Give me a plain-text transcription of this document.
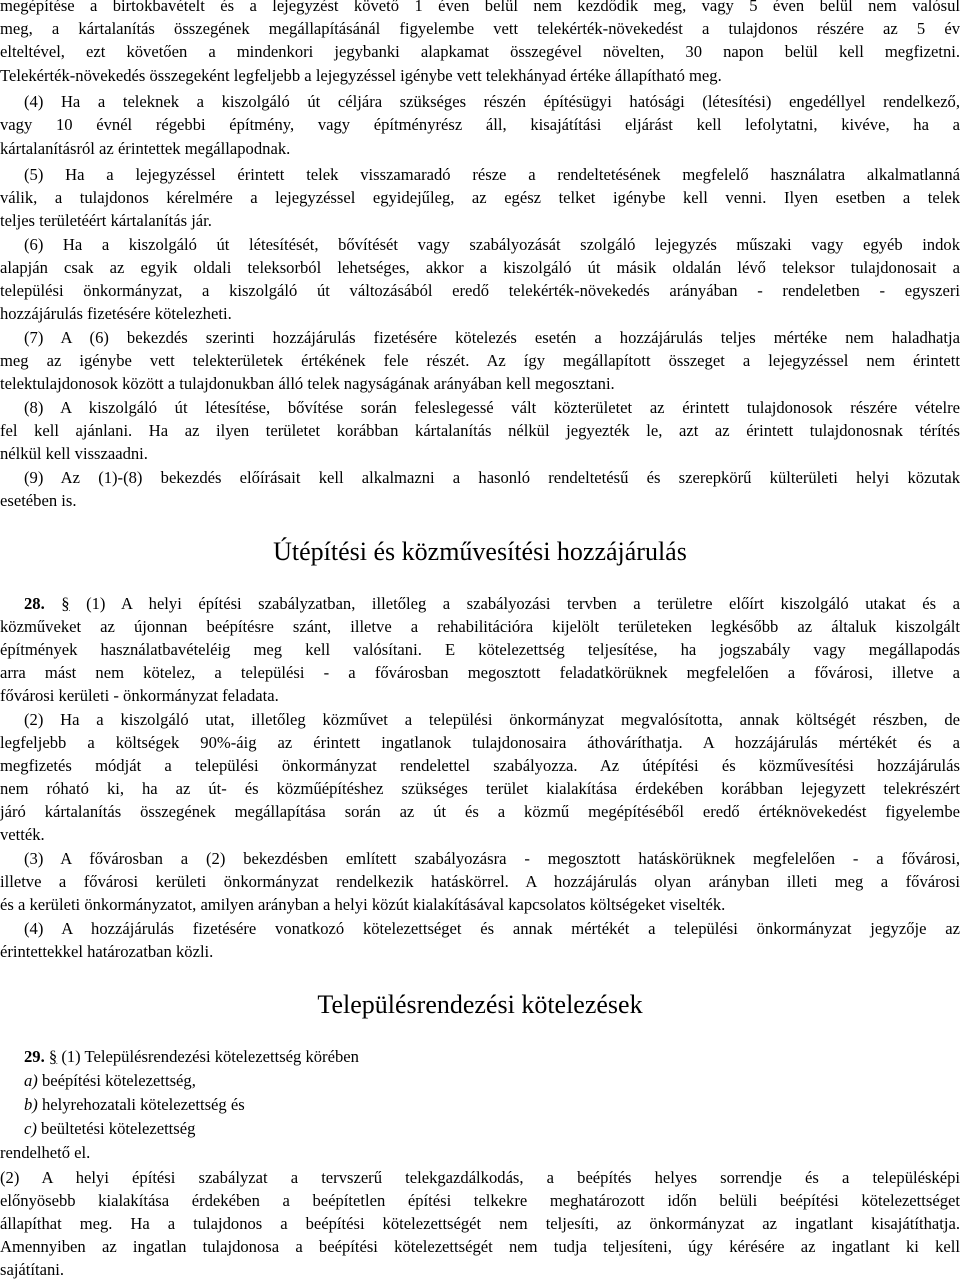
megépítése a birtokbavételt és a lejegyzést követő 1 éven belül nem kezdődik meg, vagy 5 éven belül nem valósul

meg, a kártalanítás összegének megállapításánál figyelembe vett telekérték-növekedést a tulajdonos részére az 5 év

elteltével, ezt követően a mindenkori jegybanki alapkamat összegével növelten, 30 napon belül kell megfizetni.

Telekérték-növekedés összegeként legfeljebb a lejegyzéssel igénybe vett telekhányad értéke állapítható meg.

(4) Ha a teleknek a kiszolgáló út céljára szükséges részén építésügyi hatósági (létesítési) engedéllyel rendelkező,

vagy 10 évnél régebbi építmény, vagy építményrész áll, kisajátítási eljárást kell lefolytatni, kivéve, ha a

kártalanításról az érintettek megállapodnak.

(5) Ha a lejegyzéssel érintett telek visszamaradó része a rendeltetésének megfelelő használatra alkalmatlanná

válik, a tulajdonos kérelmére a lejegyzéssel egyidejűleg, az egész telket igénybe kell venni. Ilyen esetben a telek

teljes területéért kártalanítás jár.

(6) Ha a kiszolgáló út létesítését, bővítését vagy szabályozását szolgáló lejegyzés műszaki vagy egyéb indok

alapján csak az egyik oldali teleksorból lehetséges, akkor a kiszolgáló út másik oldalán lévő teleksor tulajdonosait a

települési önkormányzat, a kiszolgáló út változásából eredő telekérték-növekedés arányában - rendeletben - egyszeri

hozzájárulás fizetésére kötelezheti.

(7) A (6) bekezdés szerinti hozzájárulás fizetésére kötelezés esetén a hozzájárulás teljes mértéke nem haladhatja

meg az igénybe vett telekterületek értékének fele részét. Az így megállapított összeget a lejegyzéssel nem érintett

telektulajdonosok között a tulajdonukban álló telek nagyságának arányában kell megosztani.

(8) A kiszolgáló út létesítése, bővítése során feleslegessé vált közterületet az érintett tulajdonosok részére vételre

fel kell ajánlani. Ha az ilyen területet korábban kártalanítás nélkül jegyezték le, azt az érintett tulajdonosnak térítés

nélkül kell visszaadni.

(9) Az (1)-(8) bekezdés előírásait kell alkalmazni a hasonló rendeltetésű és szerepkörű külterületi helyi közutak

esetében is.

Útépítési és közművesítési hozzájárulás

28. § (1) A helyi építési szabályzatban, illetőleg a szabályozási tervben a területre előírt kiszolgáló utakat és a

közműveket az újonnan beépítésre szánt, illetve a rehabilitációra kijelölt területeken legkésőbb az általuk kiszolgált

építmények használatbavételéig meg kell valósítani. E kötelezettség teljesítése, ha jogszabály vagy megállapodás

arra mást nem kötelez, a települési - a fővárosban megosztott feladatkörüknek megfelelően a fővárosi, illetve a

fővárosi kerületi - önkormányzat feladata.

(2) Ha a kiszolgáló utat, illetőleg közművet a települési önkormányzat megvalósította, annak költségét részben, de

legfeljebb a költségek 90%-áig az érintett ingatlanok tulajdonosaira áthováríthatja. A hozzájárulás mértékét és a

megfizetés módját a települési önkormányzat rendelettel szabályozza. Az útépítési és közművesítési hozzájárulás

nem róható ki, ha az út- és közműépítéshez szükséges terület kialakítása érdekében korábban lejegyzett telekrészért

járó kártalanítás összegének megállapítása során az út és a közmű megépítéséből eredő értéknövekedést figyelembe

vették.

(3) A fővárosban a (2) bekezdésben említett szabályozásra - megosztott hatáskörüknek megfelelően - a fővárosi,

illetve a fővárosi kerületi önkormányzat rendelkezik hatáskörrel. A hozzájárulás olyan arányban illeti meg a fővárosi

és a kerületi önkormányzatot, amilyen arányban a helyi közút kialakításával kapcsolatos költségeket viselték.

(4) A hozzájárulás fizetésére vonatkozó kötelezettséget és annak mértékét a települési önkormányzat jegyzője az

érintettekkel határozatban közli.

Településrendezési kötelezések

29. § (1) Településrendezési kötelezettség körében

a) beépítési kötelezettség,

b) helyrehozatali kötelezettség és

c) beültetési kötelezettség

rendelhető el.

(2) A helyi építési szabályzat a tervszerű telekgazdálkodás, a beépítés helyes sorrendje és a településképi

előnyösebb kialakítása érdekében a beépítetlen építési telkekre meghatározott időn belüli beépítési kötelezettséget

állapíthat meg. Ha a tulajdonos a beépítési kötelezettségét nem teljesíti, az önkormányzat az ingatlant kisajátíthatja.

Amennyiben az ingatlan tulajdonosa a beépítési kötelezettségét nem tudja teljesíteni, úgy kérésére az ingatlant ki kell

sajátítani.
